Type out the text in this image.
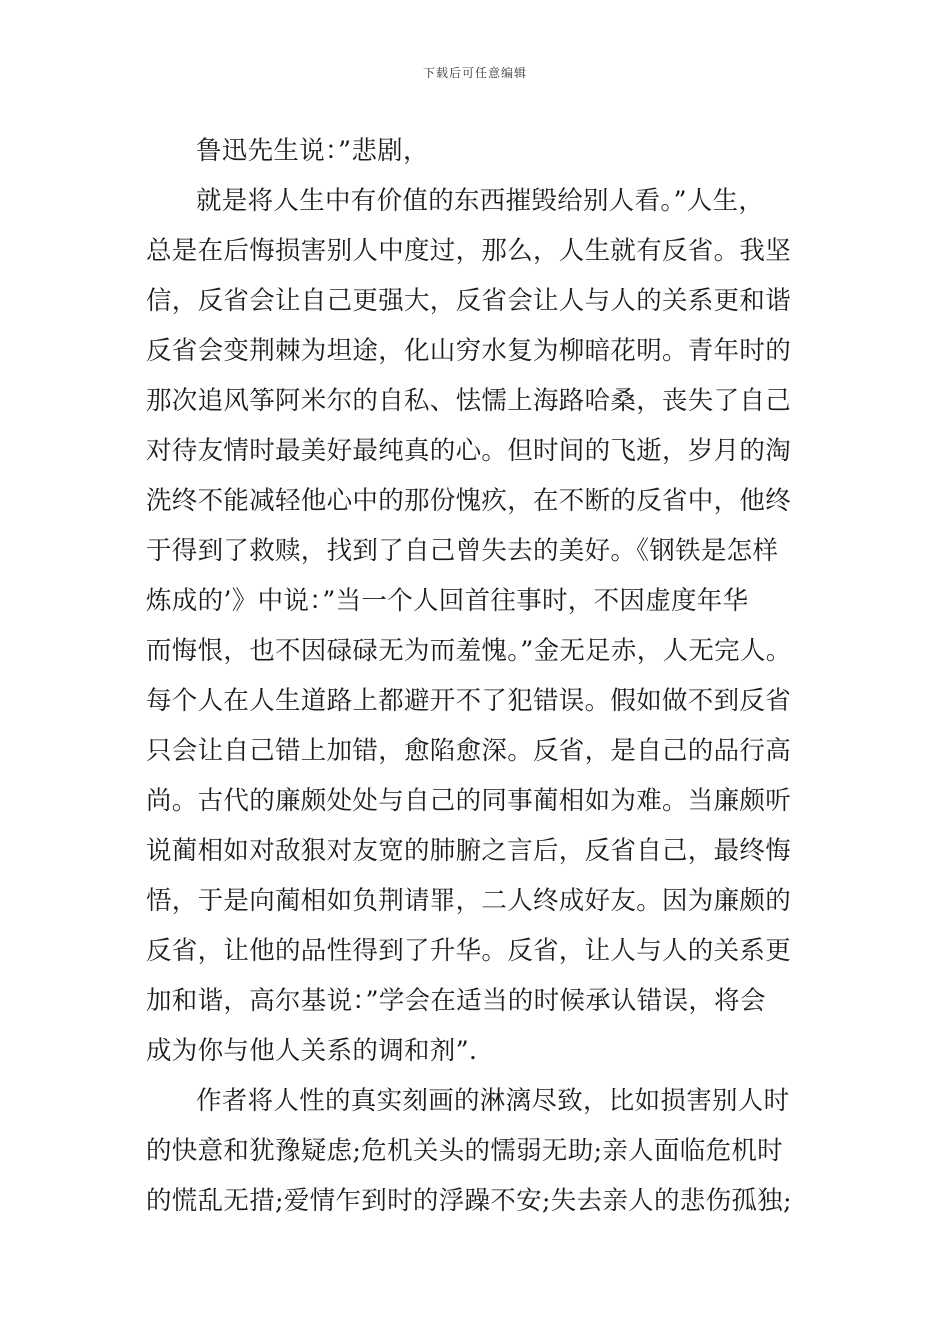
下载后可任意编辑
鲁迅先生说：”悲剧，
就是将人生中有价值的东西摧毁给别人看。”人生，
总是在后悔损害别人中度过，那么，人生就有反省。我坚
信，反省会让自己更强大，反省会让人与人的关系更和谐
反省会变荆棘为坦途，化山穷水复为柳暗花明。青年时的
那次追风筝阿米尔的自私、怯懦上海路哈桑，丧失了自己
对待友情时最美好最纯真的心。但时间的飞逝，岁月的淘
洗终不能减轻他心中的那份愧疚，在不断的反省中，他终
于得到了救赎，找到了自己曾失去的美好。《钢铁是怎样
炼成的’》中说：”当一个人回首往事时，不因虚度年华
而悔恨，也不因碌碌无为而羞愧。”金无足赤，人无完人。
每个人在人生道路上都避开不了犯错误。假如做不到反省
只会让自己错上加错，愈陷愈深。反省，是自己的品行高
尚。古代的廉颇处处与自己的同事蔺相如为难。当廉颇听
说蔺相如对敌狠对友宽的肺腑之言后，反省自己，最终悔
悟，于是向蔺相如负荆请罪，二人终成好友。因为廉颇的
反省，让他的品性得到了升华。反省，让人与人的关系更
加和谐，高尔基说：”学会在适当的时候承认错误，将会
成为你与他人关系的调和剂”.
作者将人性的真实刻画的淋漓尽致，比如损害别人时
的快意和犹豫疑虑;危机关头的懦弱无助;亲人面临危机时
的慌乱无措;爱情乍到时的浮躁不安;失去亲人的悲伤孤独;
